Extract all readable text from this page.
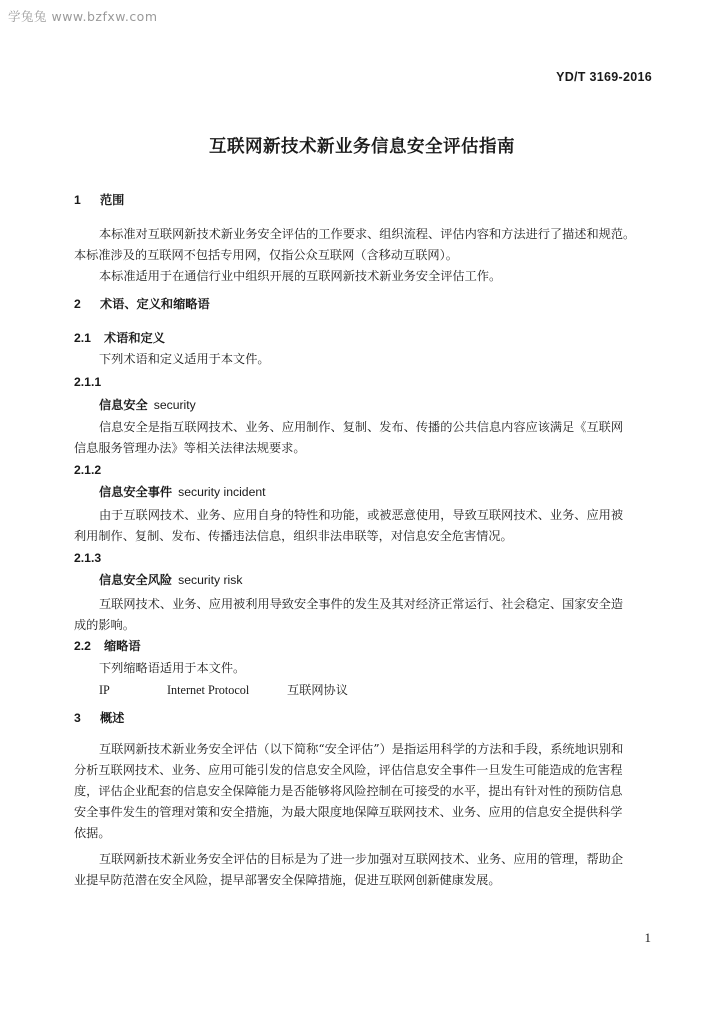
学兔兔 www.bzfxw.com
YD/T 3169-2016
互联网新技术新业务信息安全评估指南
1 范围
本标准对互联网新技术新业务安全评估的工作要求、组织流程、评估内容和方法进行了描述和规范。
本标准涉及的互联网不包括专用网，仅指公众互联网（含移动互联网）。
本标准适用于在通信行业中组织开展的互联网新技术新业务安全评估工作。
2 术语、定义和缩略语
2.1 术语和定义
下列术语和定义适用于本文件。
2.1.1
信息安全 security
信息安全是指互联网技术、业务、应用制作、复制、发布、传播的公共信息内容应该满足《互联网
信息服务管理办法》等相关法律法规要求。
2.1.2
信息安全事件 security incident
由于互联网技术、业务、应用自身的特性和功能，或被恶意使用，导致互联网技术、业务、应用被
利用制作、复制、发布、传播违法信息，组织非法串联等，对信息安全危害情况。
2.1.3
信息安全风险 security risk
互联网技术、业务、应用被利用导致安全事件的发生及其对经济正常运行、社会稳定、国家安全造
成的影响。
2.2 缩略语
下列缩略语适用于本文件。
IP	Internet Protocol	互联网协议
3 概述
互联网新技术新业务安全评估（以下简称“安全评估”）是指运用科学的方法和手段，系统地识别和
分析互联网技术、业务、应用可能引发的信息安全风险，评估信息安全事件一旦发生可能造成的危害程
度，评估企业配套的信息安全保障能力是否能够将风险控制在可接受的水平，提出有针对性的预防信息
安全事件发生的管理对策和安全措施，为最大限度地保障互联网技术、业务、应用的信息安全提供科学
依据。
互联网新技术新业务安全评估的目标是为了进一步加强对互联网技术、业务、应用的管理，帮助企
业提早防范潜在安全风险，提早部署安全保障措施，促进互联网创新健康发展。
1
